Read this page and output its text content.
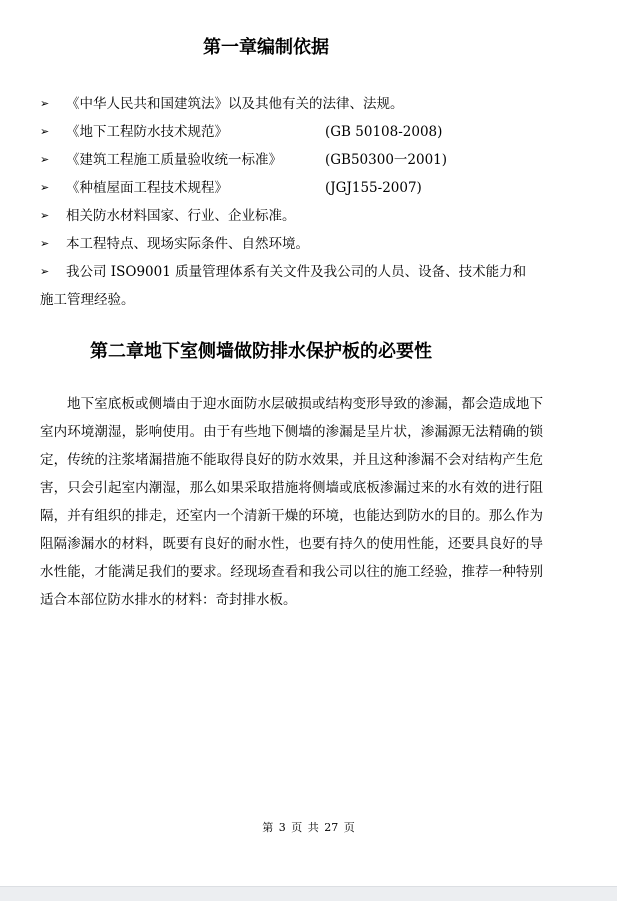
第一章编制依据
➢ 《中华人民共和国建筑法》以及其他有关的法律、法规。
➢ 《地下工程防水技术规范》	(GB 50108-2008)
➢ 《建筑工程施工质量验收统一标准》	(GB50300一2001)
➢ 《种植屋面工程技术规程》	(JGJ155-2007)
➢ 相关防水材料国家、行业、企业标准。
➢ 本工程特点、现场实际条件、自然环境。
➢	我公司 ISO9001 质量管理体系有关文件及我公司的人员、设备、技术能力和
施工管理经验。
第二章地下室侧墙做防排水保护板的必要性

地下室底板或侧墙由于迎水面防水层破损或结构变形导致的渗漏，都会造成地下室内环境潮湿，影响使用。由于有些地下侧墙的渗漏是呈片状，渗漏源无法精确的锁定，传统的注浆堵漏措施不能取得良好的防水效果，并且这种渗漏不会对结构产生危害，只会引起室内潮湿，那么如果采取措施将侧墙或底板渗漏过来的水有效的进行阻隔，并有组织的排走，还室内一个清新干燥的环境，也能达到防水的目的。那么作为阻隔渗漏水的材料，既要有良好的耐水性，也要有持久的使用性能，还要具良好的导水性能，才能满足我们的要求。经现场查看和我公司以往的施工经验，推荐一种特别适合本部位防水排水的材料：奇封排水板。

第 3 页 共 27 页
